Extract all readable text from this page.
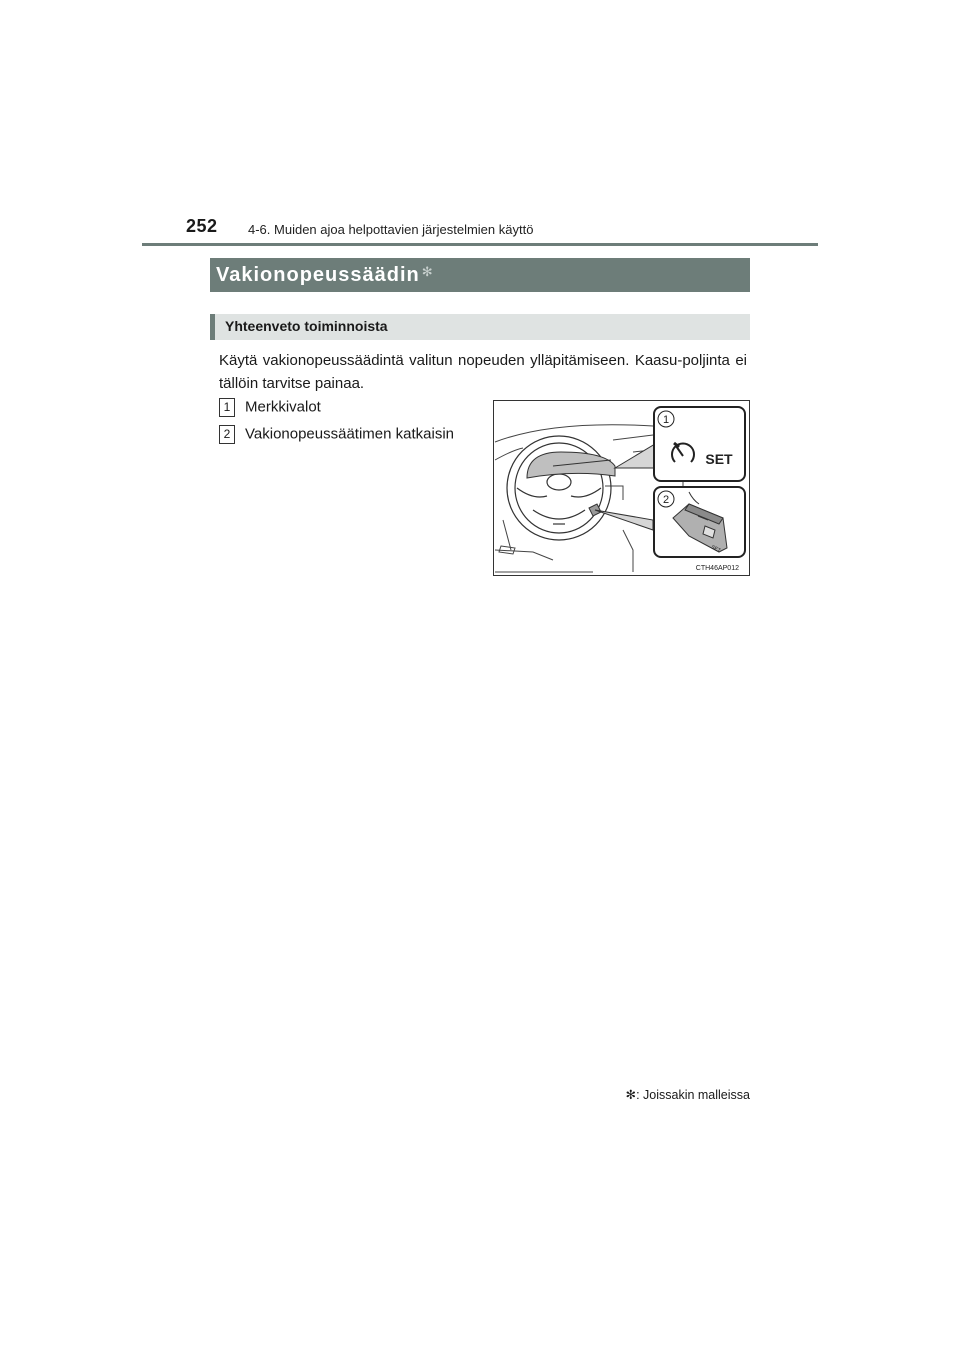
252 4-6. Muiden ajoa helpottavien järjestelmien käyttö
Vakionopeussäädin ✻
Yhteenveto toiminnoista
Käytä vakionopeussäädintä valitun nopeuden ylläpitämiseen. Kaasu-poljinta ei tällöin tarvitse painaa.
1 Merkkivalot
2 Vakionopeussäätimen katkaisin
1
SET
2
SET
CTH46AP012
✻: Joissakin malleissa
